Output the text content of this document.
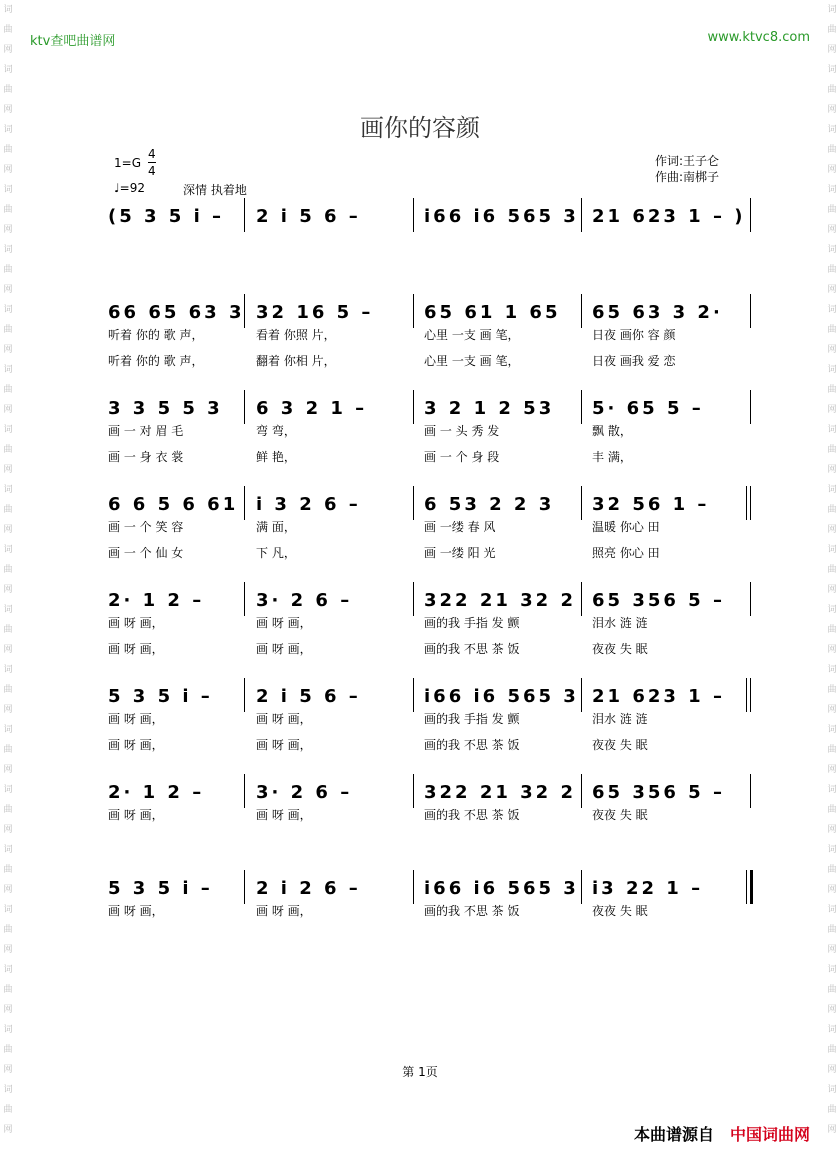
词曲网词曲网词曲网词曲网词曲网词曲网词曲网词曲网词曲网词曲网词曲网词曲网词曲网词曲网词曲网词曲网词曲网词曲网词曲网
词曲网词曲网词曲网词曲网词曲网词曲网词曲网词曲网词曲网词曲网词曲网词曲网词曲网词曲网词曲网词曲网词曲网词曲网词曲网
ktv查吧曲谱网	www.ktvc8.com
画你的容颜
1=G
4
4
♩=92	深情 执着地
作词:王子仑
作曲:南梆子
(5 3 5 i – 2 i 5 6 –	i66 i6 565 3 21 623 1 – )
66 65 63 3 32 16 5 –	65 61 1 65 65 63 3 2·
听着 你的 歌 声，	看着 你照 片，	心里 一支 画 笔，	日夜 画你 容 颜
听着 你的 歌 声，	翻着 你相 片，	心里 一支 画 笔，	日夜 画我 爱 恋
3 3 5 5 3 6 3 2 1 –	3 2 1 2 53 5· 65 5 –
画 一 对 眉 毛	弯 弯，	画 一 头 秀 发	飘 散，
画 一 身 衣 裳	鲜 艳，	画 一 个 身 段	丰 满，
6 6 5 6 61 i 3 2 6 –	6 53 2 2 3 32 56 1 –
画 一 个 笑 容	满 面，	画 一缕 春 风	温暖 你心 田
画 一 个 仙 女	下 凡，	画 一缕 阳 光	照亮 你心 田
2· 1 2 –	3· 2 6 –	322 21 32 2 65 356 5 –
画 呀 画，	画 呀 画，	画的我 手指 发 颤	泪水 涟 涟
画 呀 画，	画 呀 画，	画的我 不思 茶 饭	夜夜 失 眠
5 3 5 i – 2 i 5 6 –	i66 i6 565 3 21 623 1 –
画 呀 画，	画 呀 画，	画的我 手指 发 颤	泪水 涟 涟
画 呀 画，	画 呀 画，	画的我 不思 茶 饭	夜夜 失 眠
2· 1 2 –	3· 2 6 –	322 21 32 2 65 356 5 –
画 呀 画，	画 呀 画，	画的我 不思 茶 饭	夜夜 失 眠
5 3 5 i – 2 i 2 6 –	i66 i6 565 3 i3 22 1 –
画 呀 画，	画 呀 画，	画的我 不思 茶 饭	夜夜 失 眠
第 1页
本曲谱源自 中国词曲网
